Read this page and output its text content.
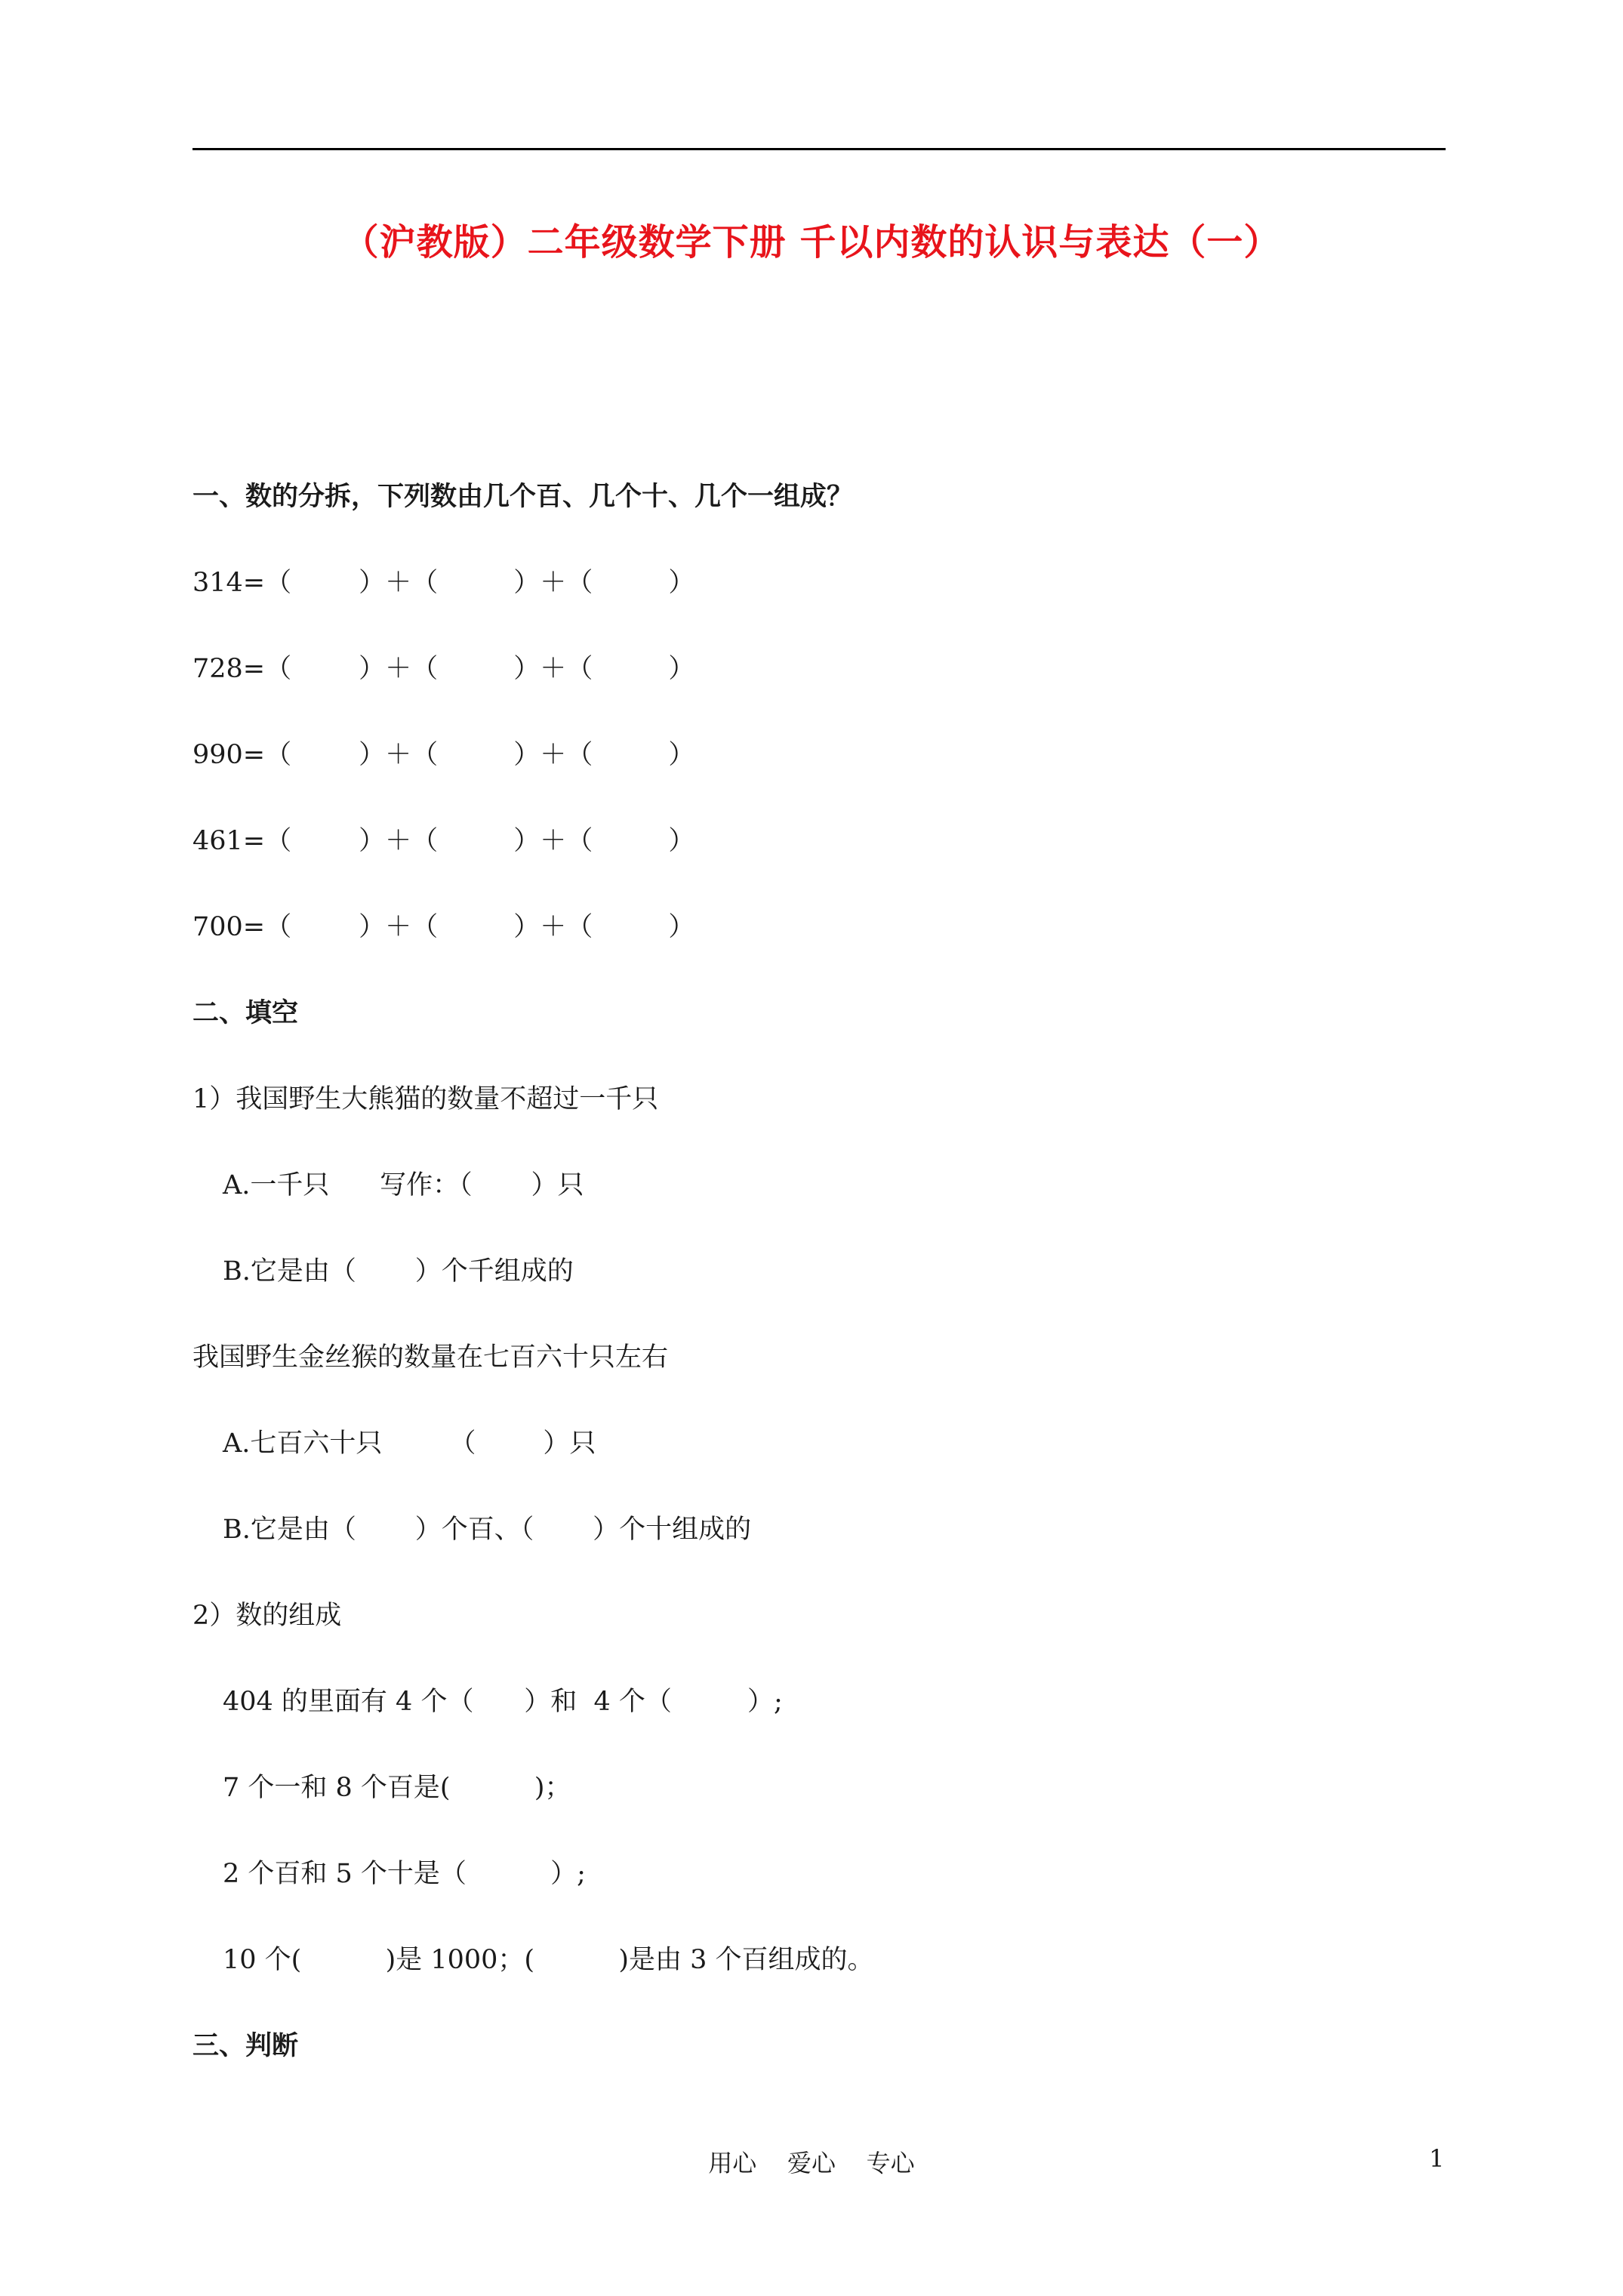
（沪教版）二年级数学下册 千以内数的认识与表达（一）
一、数的分拆，下列数由几个百、几个十、几个一组成？
314=（        ）＋（         ）＋（         ）
728=（        ）＋（         ）＋（         ）
990=（        ）＋（         ）＋（         ）
461=（        ）＋（         ）＋（         ）
700=（        ）＋（         ）＋（         ）
二、填空
1）我国野生大熊猫的数量不超过一千只
A.一千只      写作：（       ）只
B.它是由（       ）个千组成的
我国野生金丝猴的数量在七百六十只左右
A.七百六十只        （        ）只
B.它是由（       ）个百、（       ）个十组成的
2）数的组成
404 的里面有 4 个（      ）和  4 个（         ）;
7 个一和 8 个百是(          )；
2 个百和 5 个十是（          ）;
10 个(          )是 1000；(          )是由 3 个百组成的。
三、判断
用心    爱心    专心	1
